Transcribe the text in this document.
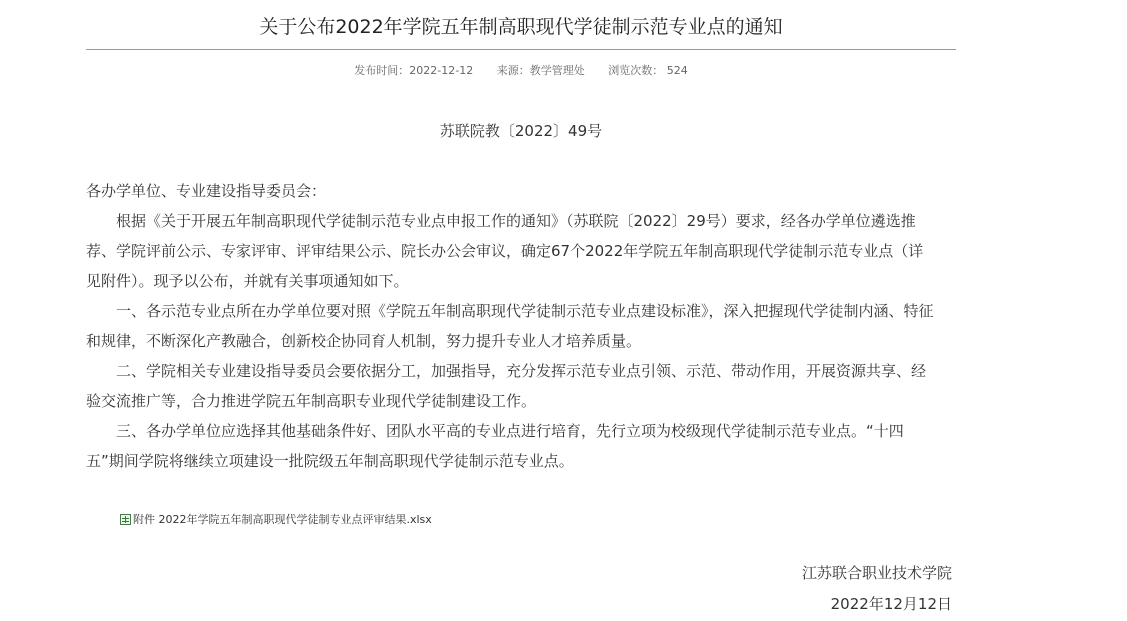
关于公布2022年学院五年制高职现代学徒制示范专业点的通知
发布时间：2022-12-12 来源：教学管理处 浏览次数： 524
苏联院教〔2022〕49号

各办学单位、专业建设指导委员会：

根据《关于开展五年制高职现代学徒制示范专业点申报工作的通知》（苏联院〔2022〕29号）要求，经各办学单位遴选推荐、学院评前公示、专家评审、评审结果公示、院长办公会审议，确定67个2022年学院五年制高职现代学徒制示范专业点（详见附件）。现予以公布，并就有关事项通知如下。

一、各示范专业点所在办学单位要对照《学院五年制高职现代学徒制示范专业点建设标准》，深入把握现代学徒制内涵、特征和规律，不断深化产教融合，创新校企协同育人机制，努力提升专业人才培养质量。

二、学院相关专业建设指导委员会要依据分工，加强指导，充分发挥示范专业点引领、示范、带动作用，开展资源共享、经验交流推广等，合力推进学院五年制高职专业现代学徒制建设工作。

三、各办学单位应选择其他基础条件好、团队水平高的专业点进行培育，先行立项为校级现代学徒制示范专业点。“十四五”期间学院将继续立项建设一批院级五年制高职现代学徒制示范专业点。

附件 2022年学院五年制高职现代学徒制专业点评审结果.xlsx
江苏联合职业技术学院
2022年12月12日
